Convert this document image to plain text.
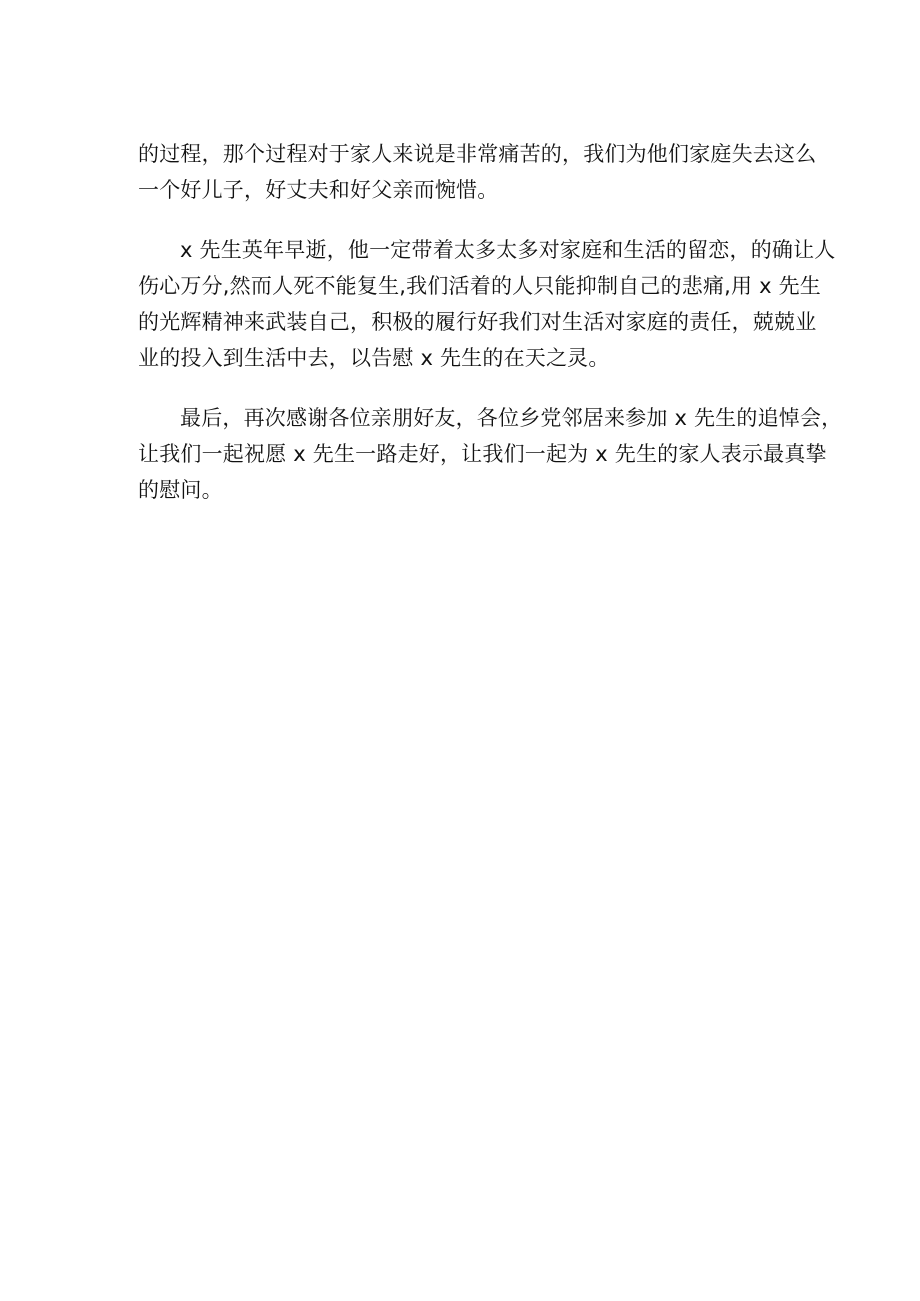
的过程，那个过程对于家人来说是非常痛苦的，我们为他们家庭失去这么
一个好儿子，好丈夫和好父亲而惋惜。
x 先生英年早逝，他一定带着太多太多对家庭和生活的留恋，的确让人
伤心万分,然而人死不能复生,我们活着的人只能抑制自己的悲痛,用 x 先生
的光辉精神来武装自己，积极的履行好我们对生活对家庭的责任，兢兢业
业的投入到生活中去，以告慰 x 先生的在天之灵。
最后，再次感谢各位亲朋好友，各位乡党邻居来参加 x 先生的追悼会，
让我们一起祝愿 x 先生一路走好，让我们一起为 x 先生的家人表示最真挚
的慰问。
